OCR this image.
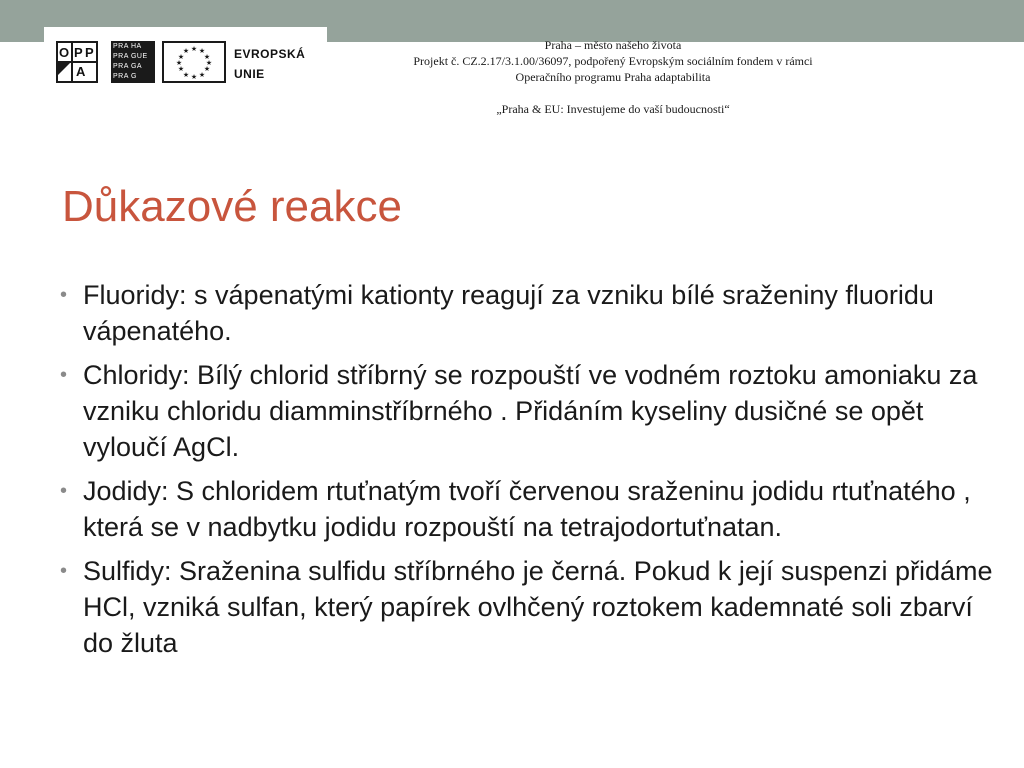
O P P
A
PRA HA
PRA GUE
PRA GA
PRA G
★ ★
★
★
★
★
★
★
★
★
★
★	EVROPSKÁ
UNIE
Praha – město našeho života
Projekt č. CZ.2.17/3.1.00/36097, podpořený Evropským sociálním fondem v rámci
Operačního programu Praha adaptabilita
„Praha & EU: Investujeme do vaší budoucnosti“
Důkazové reakce
• Fluoridy: s vápenatými kationty reagují za vzniku bílé sraženiny fluoridu vápenatého.
• Chloridy: Bílý chlorid stříbrný se rozpouští ve vodném roztoku amoniaku za vzniku chloridu diamminstříbrného . Přidáním kyseliny dusičné se opět vyloučí AgCl.
• Jodidy: S chloridem rtuťnatým tvoří červenou sraženinu jodidu rtuťnatého , která se v nadbytku jodidu rozpouští na tetrajodortuťnatan.
• Sulfidy: Sraženina sulfidu stříbrného je černá. Pokud k její suspenzi přidáme HCl, vzniká sulfan, který papírek ovlhčený roztokem kademnaté soli zbarví do žluta
